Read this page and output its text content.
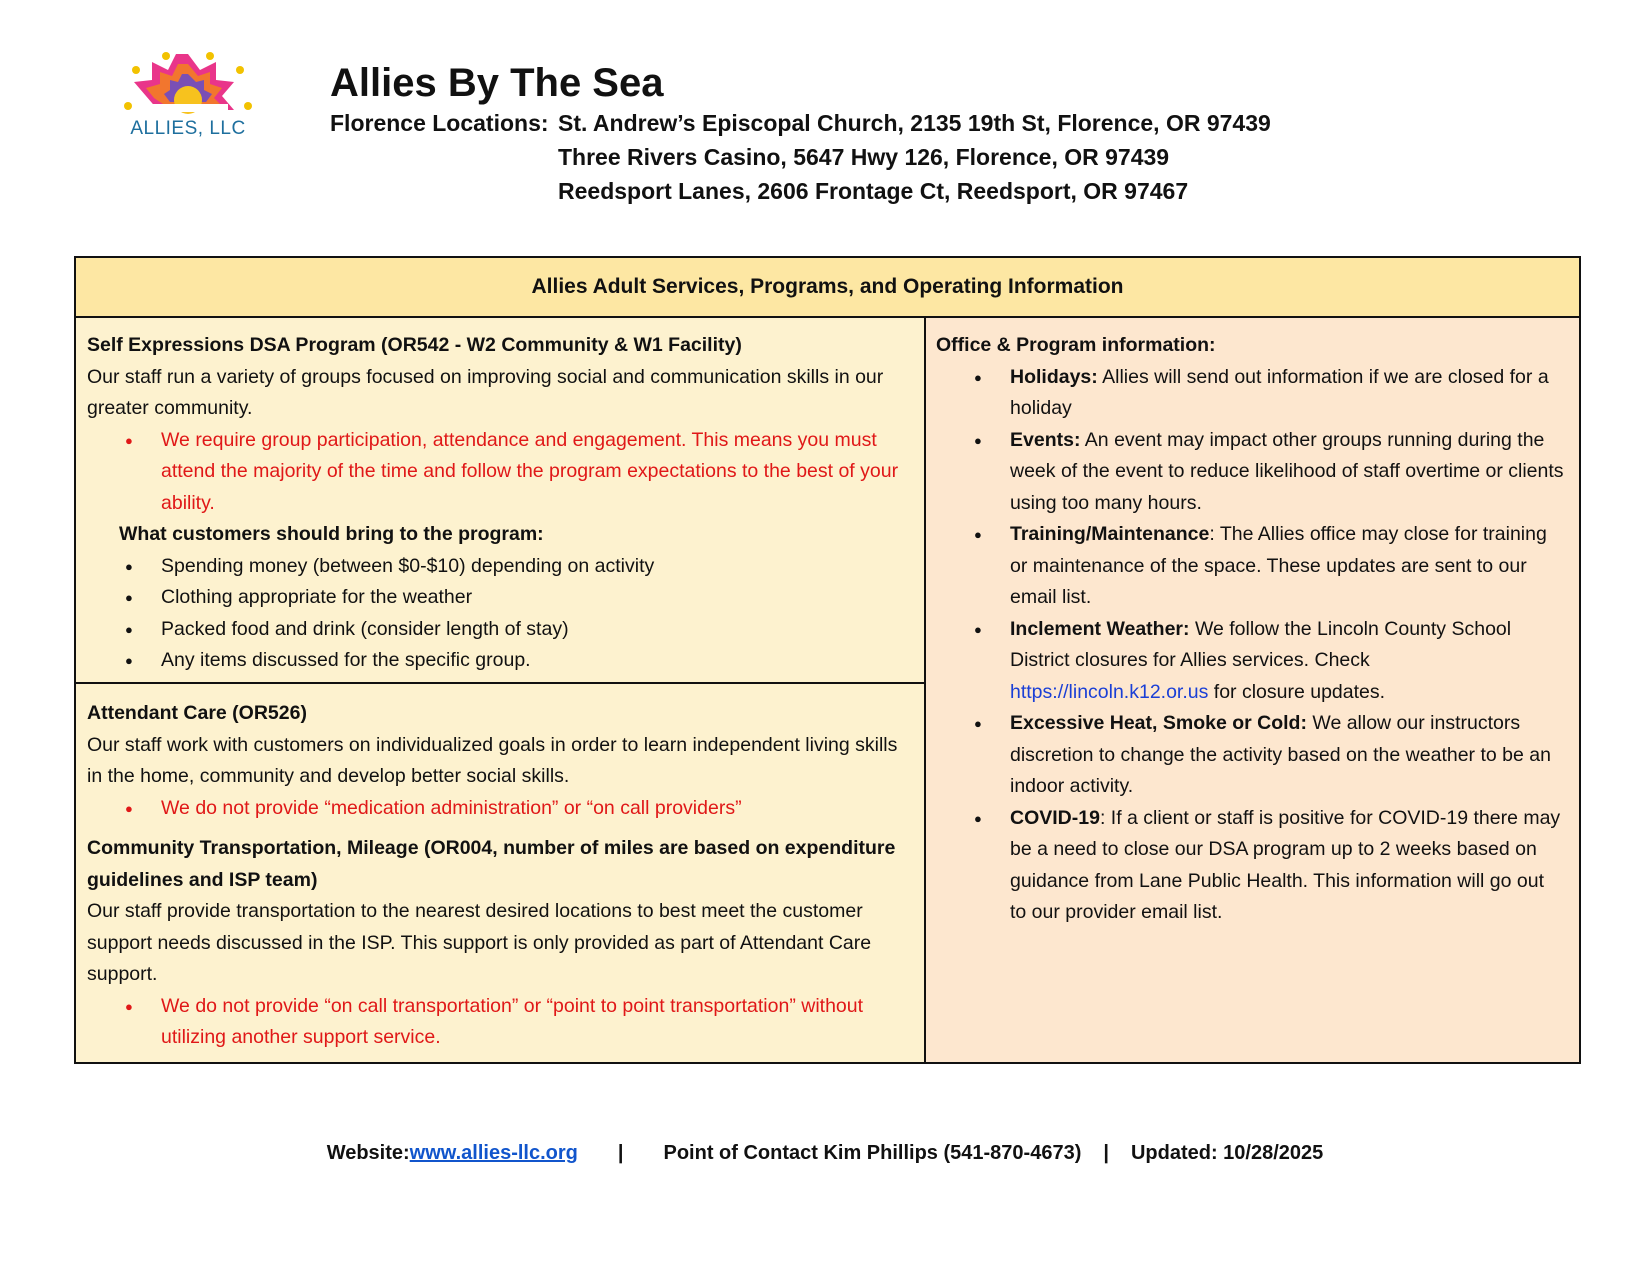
ALLIES, LLC
Allies By The Sea
Florence Locations: St. Andrew’s Episcopal Church, 2135 19th St, Florence, OR 97439
Three Rivers Casino, 5647 Hwy 126, Florence, OR 97439
Reedsport Lanes, 2606 Frontage Ct, Reedsport, OR 97467
Allies Adult Services, Programs, and Operating Information
Self Expressions DSA Program (OR542 - W2 Community & W1 Facility)
Our staff run a variety of groups focused on improving social and communication skills in our greater community.
● We require group participation, attendance and engagement. This means you must attend the majority of the time and follow the program expectations to the best of your ability.
What customers should bring to the program:
● Spending money (between $0-$10) depending on activity
● Clothing appropriate for the weather
● Packed food and drink (consider length of stay)
● Any items discussed for the specific group.
Attendant Care (OR526)
Our staff work with customers on individualized goals in order to learn independent living skills in the home, community and develop better social skills.
● We do not provide “medication administration” or “on call providers”
Community Transportation, Mileage (OR004, number of miles are based on expenditure guidelines and ISP team)
Our staff provide transportation to the nearest desired locations to best meet the customer support needs discussed in the ISP. This support is only provided as part of Attendant Care support.
● We do not provide “on call transportation” or “point to point transportation” without utilizing another support service.
Office & Program information:
● Holidays: Allies will send out information if we are closed for a holiday
● Events: An event may impact other groups running during the week of the event to reduce likelihood of staff overtime or clients using too many hours.
● Training/Maintenance: The Allies office may close for training or maintenance of the space. These updates are sent to our email list.
● Inclement Weather: We follow the Lincoln County School District closures for Allies services. Check https://lincoln.k12.or.us for closure updates.
● Excessive Heat, Smoke or Cold: We allow our instructors discretion to change the activity based on the weather to be an indoor activity.
● COVID-19: If a client or staff is positive for COVID-19 there may be a need to close our DSA program up to 2 weeks based on guidance from Lane Public Health. This information will go out to our provider email list.
Website: www.allies-llc.org	|	Point of Contact Kim Phillips (541-870-4673)	|	Updated: 10/28/2025
